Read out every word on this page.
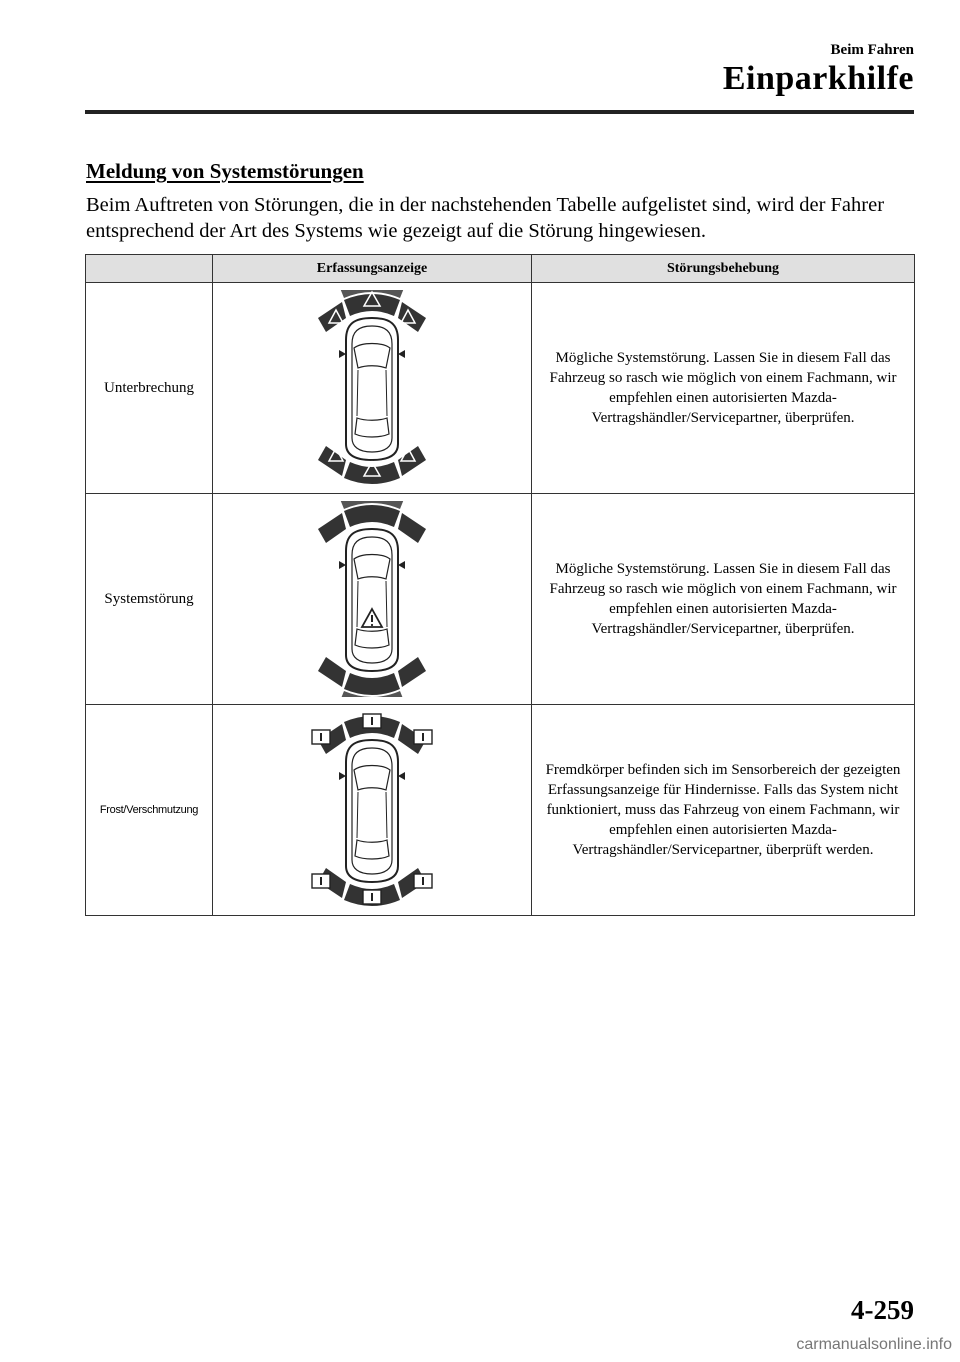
Beim Fahren
Einparkhilfe
Meldung von Systemstörungen
Beim Auftreten von Störungen, die in der nachstehenden Tabelle aufgelistet sind, wird der Fahrer entsprechend der Art des Systems wie gezeigt auf die Störung hingewiesen.
	Erfassungsanzeige	Störungsbehebung
Unterbrechung		Mögliche Systemstörung. Lassen Sie in diesem Fall das Fahrzeug so rasch wie möglich von einem Fachmann, wir empfehlen einen autorisierten Mazda-Vertragshändler/Servicepartner, überprüfen.
Systemstörung		Mögliche Systemstörung. Lassen Sie in diesem Fall das Fahrzeug so rasch wie möglich von einem Fachmann, wir empfehlen einen autorisierten Mazda-Vertragshändler/Servicepartner, überprüfen.
Frost/Verschmutzung		Fremdkörper befinden sich im Sensorbereich der gezeigten Erfassungsanzeige für Hindernisse. Falls das System nicht funktioniert, muss das Fahrzeug von einem Fachmann, wir empfehlen einen autorisierten Mazda-Vertragshändler/Servicepartner, überprüft werden.
4-259
carmanualsonline.info
